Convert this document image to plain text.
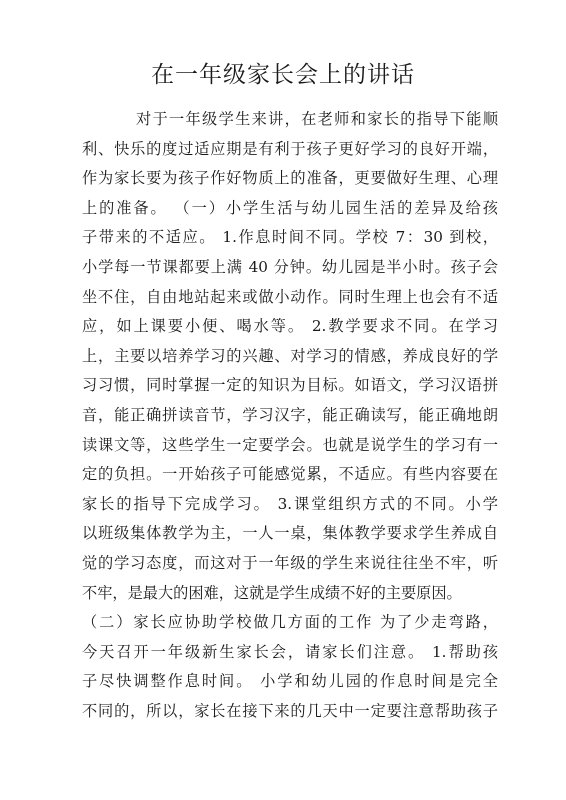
在一年级家长会上的讲话
对于一年级学生来讲，在老师和家长的指导下能顺
利、快乐的度过适应期是有利于孩子更好学习的良好开端，
作为家长要为孩子作好物质上的准备，更要做好生理、心理
上的准备。 （一）小学生活与幼儿园生活的差异及给孩
子带来的不适应。 1.作息时间不同。学校 7：30 到校，
小学每一节课都要上满 40 分钟。幼儿园是半小时。孩子会
坐不住，自由地站起来或做小动作。同时生理上也会有不适
应，如上课要小便、喝水等。 2.教学要求不同。在学习
上，主要以培养学习的兴趣、对学习的情感，养成良好的学
习习惯，同时掌握一定的知识为目标。如语文，学习汉语拼
音，能正确拼读音节，学习汉字，能正确读写，能正确地朗
读课文等，这些学生一定要学会。也就是说学生的学习有一
定的负担。一开始孩子可能感觉累，不适应。有些内容要在
家长的指导下完成学习。 3.课堂组织方式的不同。小学
以班级集体教学为主，一人一桌，集体教学要求学生养成自
觉的学习态度，而这对于一年级的学生来说往往坐不牢，听
不牢，是最大的困难，这就是学生成绩不好的主要原因。
（二）家长应协助学校做几方面的工作 为了少走弯路，
今天召开一年级新生家长会，请家长们注意。 1.帮助孩
子尽快调整作息时间。 小学和幼儿园的作息时间是完全
不同的，所以，家长在接下来的几天中一定要注意帮助孩子
